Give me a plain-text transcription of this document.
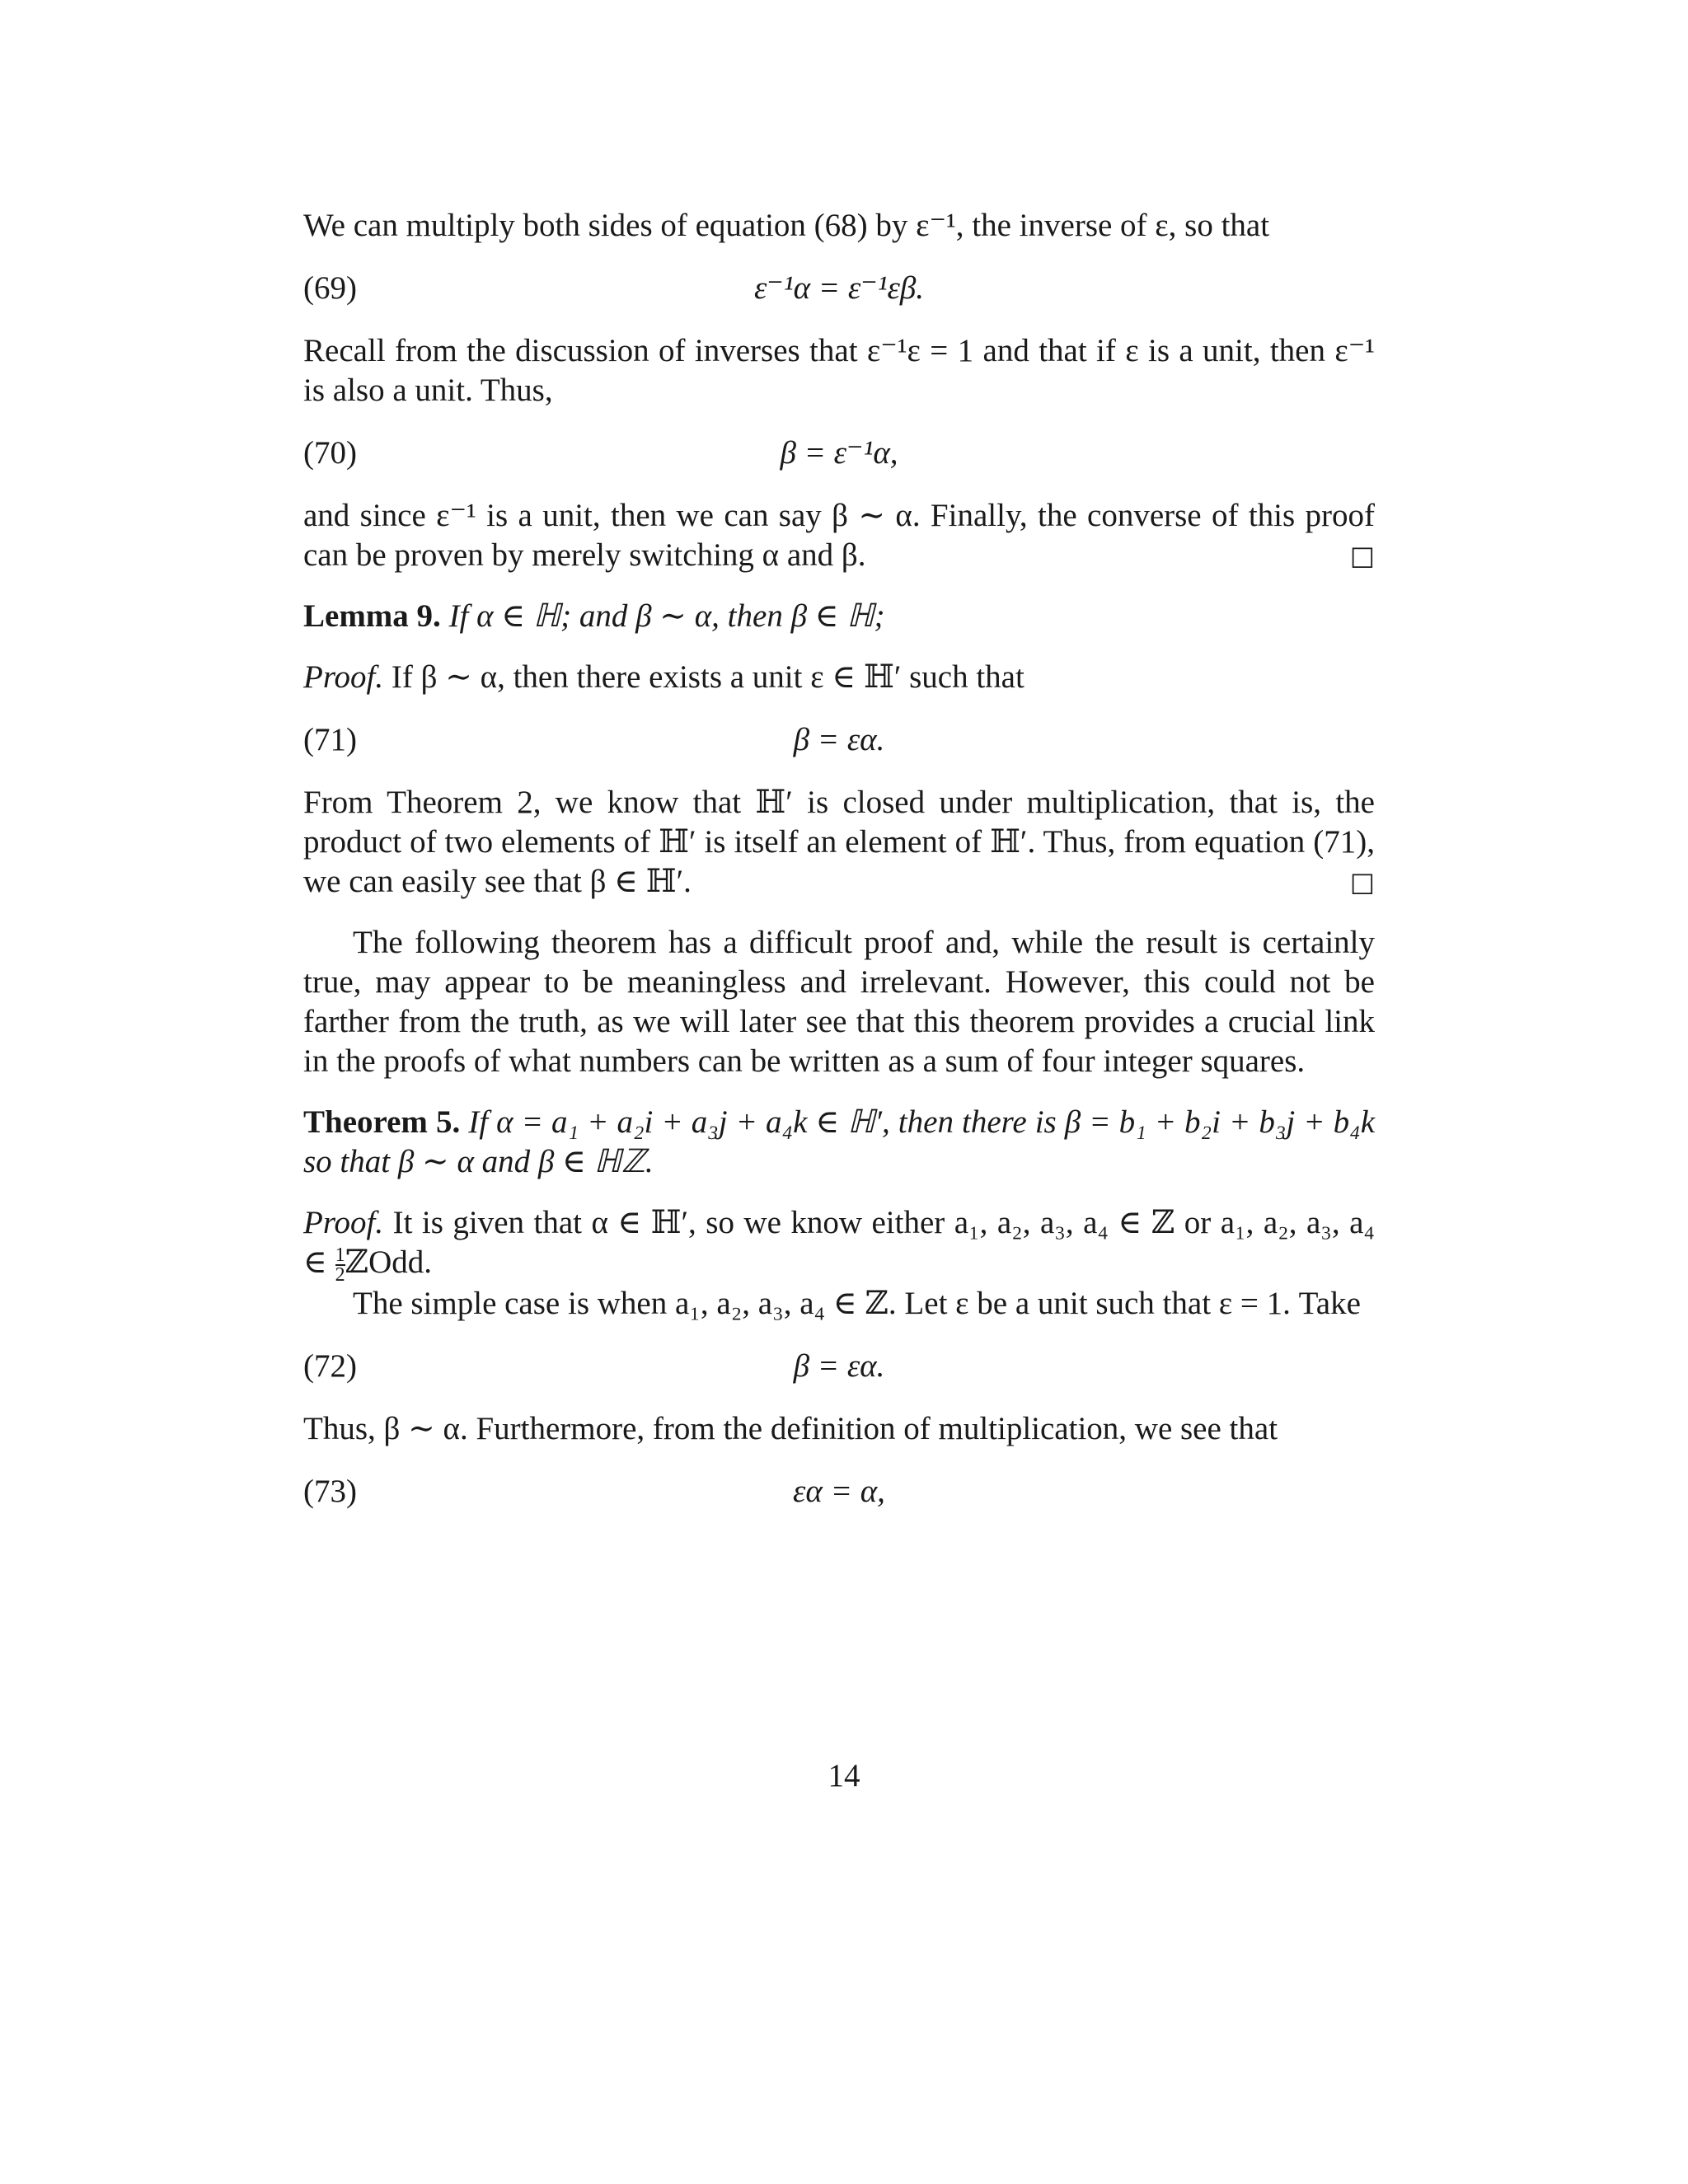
We can multiply both sides of equation (68) by ε⁻¹, the inverse of ε, so that

(69)	ε⁻¹α = ε⁻¹εβ.

Recall from the discussion of inverses that ε⁻¹ε = 1 and that if ε is a unit, then ε⁻¹ is also a unit. Thus,

(70)	β = ε⁻¹α,

and since ε⁻¹ is a unit, then we can say β ∼ α. Finally, the converse of this proof can be proven by merely switching α and β.	□

Lemma 9. If α ∈ ℍ; and β ∼ α, then β ∈ ℍ;

Proof. If β ∼ α, then there exists a unit ε ∈ ℍ′ such that

(71)	β = εα.

From Theorem 2, we know that ℍ′ is closed under multiplication, that is, the product of two elements of ℍ′ is itself an element of ℍ′. Thus, from equation (71), we can easily see that β ∈ ℍ′.	□

The following theorem has a difficult proof and, while the result is certainly true, may appear to be meaningless and irrelevant. However, this could not be farther from the truth, as we will later see that this theorem provides a crucial link in the proofs of what numbers can be written as a sum of four integer squares.

Theorem 5. If α = a₁ + a₂i + a₃j + a₄k ∈ ℍ′, then there is β = b₁ + b₂i + b₃j + b₄k so that β ∼ α and β ∈ ℍℤ.

Proof. It is given that α ∈ ℍ′, so we know either a₁, a₂, a₃, a₄ ∈ ℤ or a₁, a₂, a₃, a₄ ∈ $\frac{1}{2}$ ℤOdd.

The simple case is when a₁, a₂, a₃, a₄ ∈ ℤ. Let ε be a unit such that ε = 1. Take

(72)	β = εα.

Thus, β ∼ α. Furthermore, from the definition of multiplication, we see that

(73)	εα = α,
14
